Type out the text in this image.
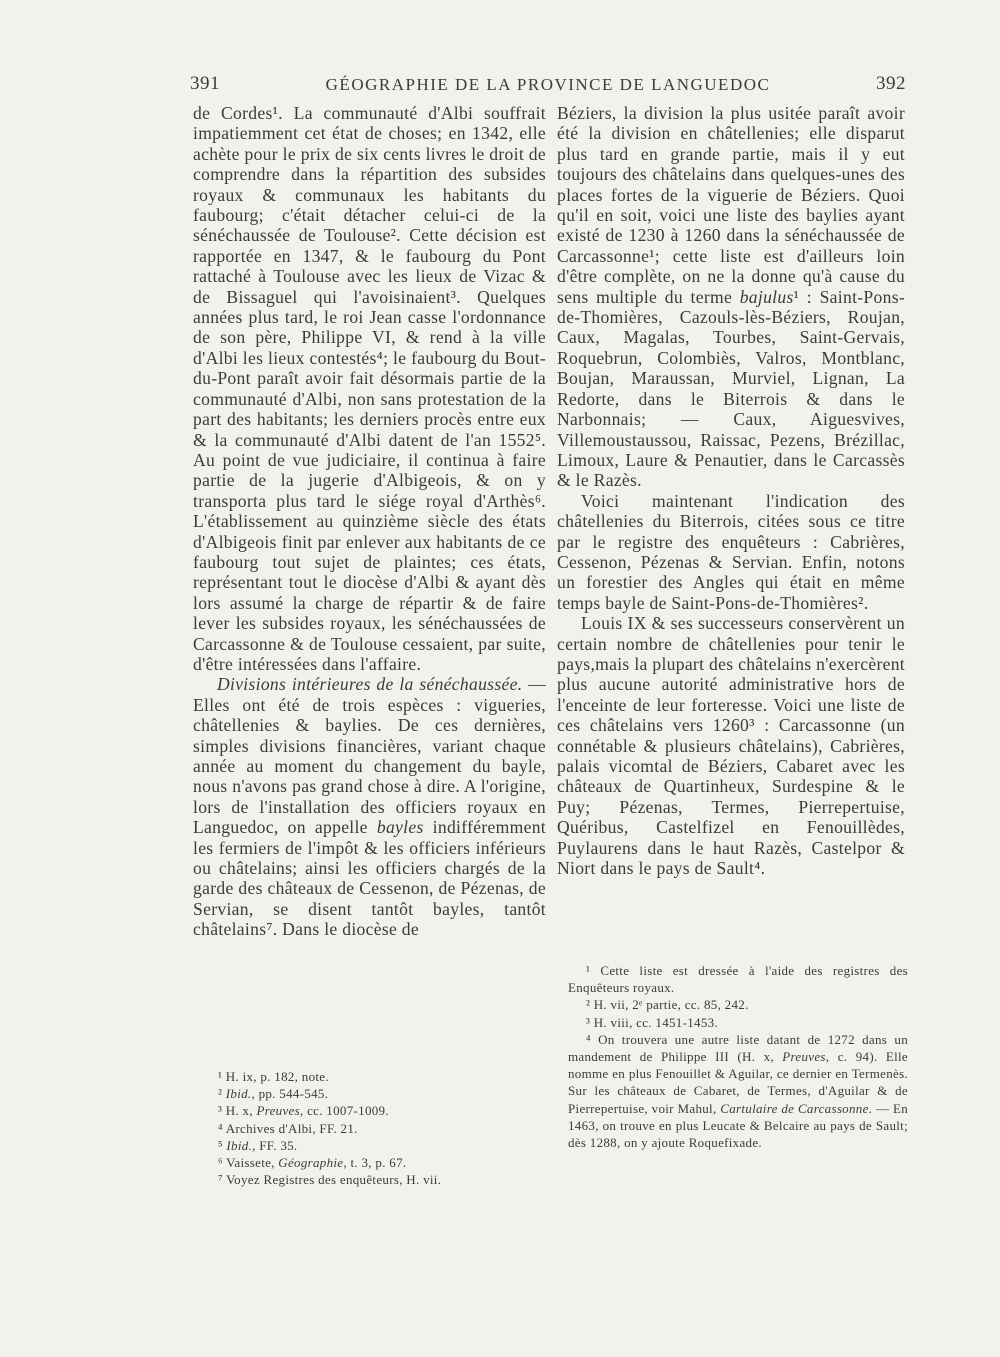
391	GÉOGRAPHIE DE LA PROVINCE DE LANGUEDOC	392

de Cordes¹. La communauté d'Albi souffrait impatiemment cet état de choses; en 1342, elle achète pour le prix de six cents livres le droit de comprendre dans la répartition des subsides royaux & communaux les habitants du faubourg; c'était détacher celui-ci de la sénéchaussée de Toulouse². Cette décision est rapportée en 1347, & le faubourg du Pont rattaché à Toulouse avec les lieux de Vizac & de Bissaguel qui l'avoisinaient³. Quelques années plus tard, le roi Jean casse l'ordonnance de son père, Philippe VI, & rend à la ville d'Albi les lieux contestés⁴; le faubourg du Bout-du-Pont paraît avoir fait désormais partie de la communauté d'Albi, non sans protestation de la part des habitants; les derniers procès entre eux & la communauté d'Albi datent de l'an 1552⁵. Au point de vue judiciaire, il continua à faire partie de la jugerie d'Albigeois, & on y transporta plus tard le siége royal d'Arthès⁶. L'établissement au quinzième siècle des états d'Albigeois finit par enlever aux habitants de ce faubourg tout sujet de plaintes; ces états, représentant tout le diocèse d'Albi & ayant dès lors assumé la charge de répartir & de faire lever les subsides royaux, les sénéchaussées de Carcassonne & de Toulouse cessaient, par suite, d'être intéressées dans l'affaire.

Divisions intérieures de la sénéchaussée. — Elles ont été de trois espèces : vigueries, châtellenies & baylies. De ces dernières, simples divisions financières, variant chaque année au moment du changement du bayle, nous n'avons pas grand chose à dire. A l'origine, lors de l'installation des officiers royaux en Languedoc, on appelle bayles indifféremment les fermiers de l'impôt & les officiers inférieurs ou châtelains; ainsi les officiers chargés de la garde des châteaux de Cessenon, de Pézenas, de Servian, se disent tantôt bayles, tantôt châtelains⁷. Dans le diocèse de

Béziers, la division la plus usitée paraît avoir été la division en châtellenies; elle disparut plus tard en grande partie, mais il y eut toujours des châtelains dans quelques-unes des places fortes de la viguerie de Béziers. Quoi qu'il en soit, voici une liste des baylies ayant existé de 1230 à 1260 dans la sénéchaussée de Carcassonne¹; cette liste est d'ailleurs loin d'être complète, on ne la donne qu'à cause du sens multiple du terme bajulus¹ : Saint-Pons-de-Thomières, Cazouls-lès-Béziers, Roujan, Caux, Magalas, Tourbes, Saint-Gervais, Roquebrun, Colombiès, Valros, Montblanc, Boujan, Maraussan, Murviel, Lignan, La Redorte, dans le Biterrois & dans le Narbonnais; — Caux, Aiguesvives, Villemoustaussou, Raissac, Pezens, Brézillac, Limoux, Laure & Penautier, dans le Carcassès & le Razès.

Voici maintenant l'indication des châtellenies du Biterrois, citées sous ce titre par le registre des enquêteurs : Cabrières, Cessenon, Pézenas & Servian. Enfin, notons un forestier des Angles qui était en même temps bayle de Saint-Pons-de-Thomières².

Louis IX & ses successeurs conservèrent un certain nombre de châtellenies pour tenir le pays,mais la plupart des châtelains n'exercèrent plus aucune autorité administrative hors de l'enceinte de leur forteresse. Voici une liste de ces châtelains vers 1260³ : Carcassonne (un connétable & plusieurs châtelains), Cabrières, palais vicomtal de Béziers, Cabaret avec les châteaux de Quartinheux, Surdespine & le Puy; Pézenas, Termes, Pierrepertuise, Quéribus, Castelfizel en Fenouillèdes, Puylaurens dans le haut Razès, Castelpor & Niort dans le pays de Sault⁴.

¹ H. ix, p. 182, note.
² Ibid., pp. 544-545.
³ H. x, Preuves, cc. 1007-1009.
⁴ Archives d'Albi, FF. 21.
⁵ Ibid., FF. 35.
⁶ Vaissete, Géographie, t. 3, p. 67.
⁷ Voyez Registres des enquêteurs, H. vii.

¹ Cette liste est dressée à l'aide des registres des Enquêteurs royaux.

² H. vii, 2ᵉ partie, cc. 85, 242.

³ H. viii, cc. 1451-1453.

⁴ On trouvera une autre liste datant de 1272 dans un mandement de Philippe III (H. x, Preuves, c. 94). Elle nomme en plus Fenouillet & Aguilar, ce dernier en Termenès. Sur les châteaux de Cabaret, de Termes, d'Aguilar & de Pierrepertuise, voir Mahul, Cartulaire de Carcassonne. — En 1463, on trouve en plus Leucate & Belcaire au pays de Sault; dès 1288, on y ajoute Roquefixade.
